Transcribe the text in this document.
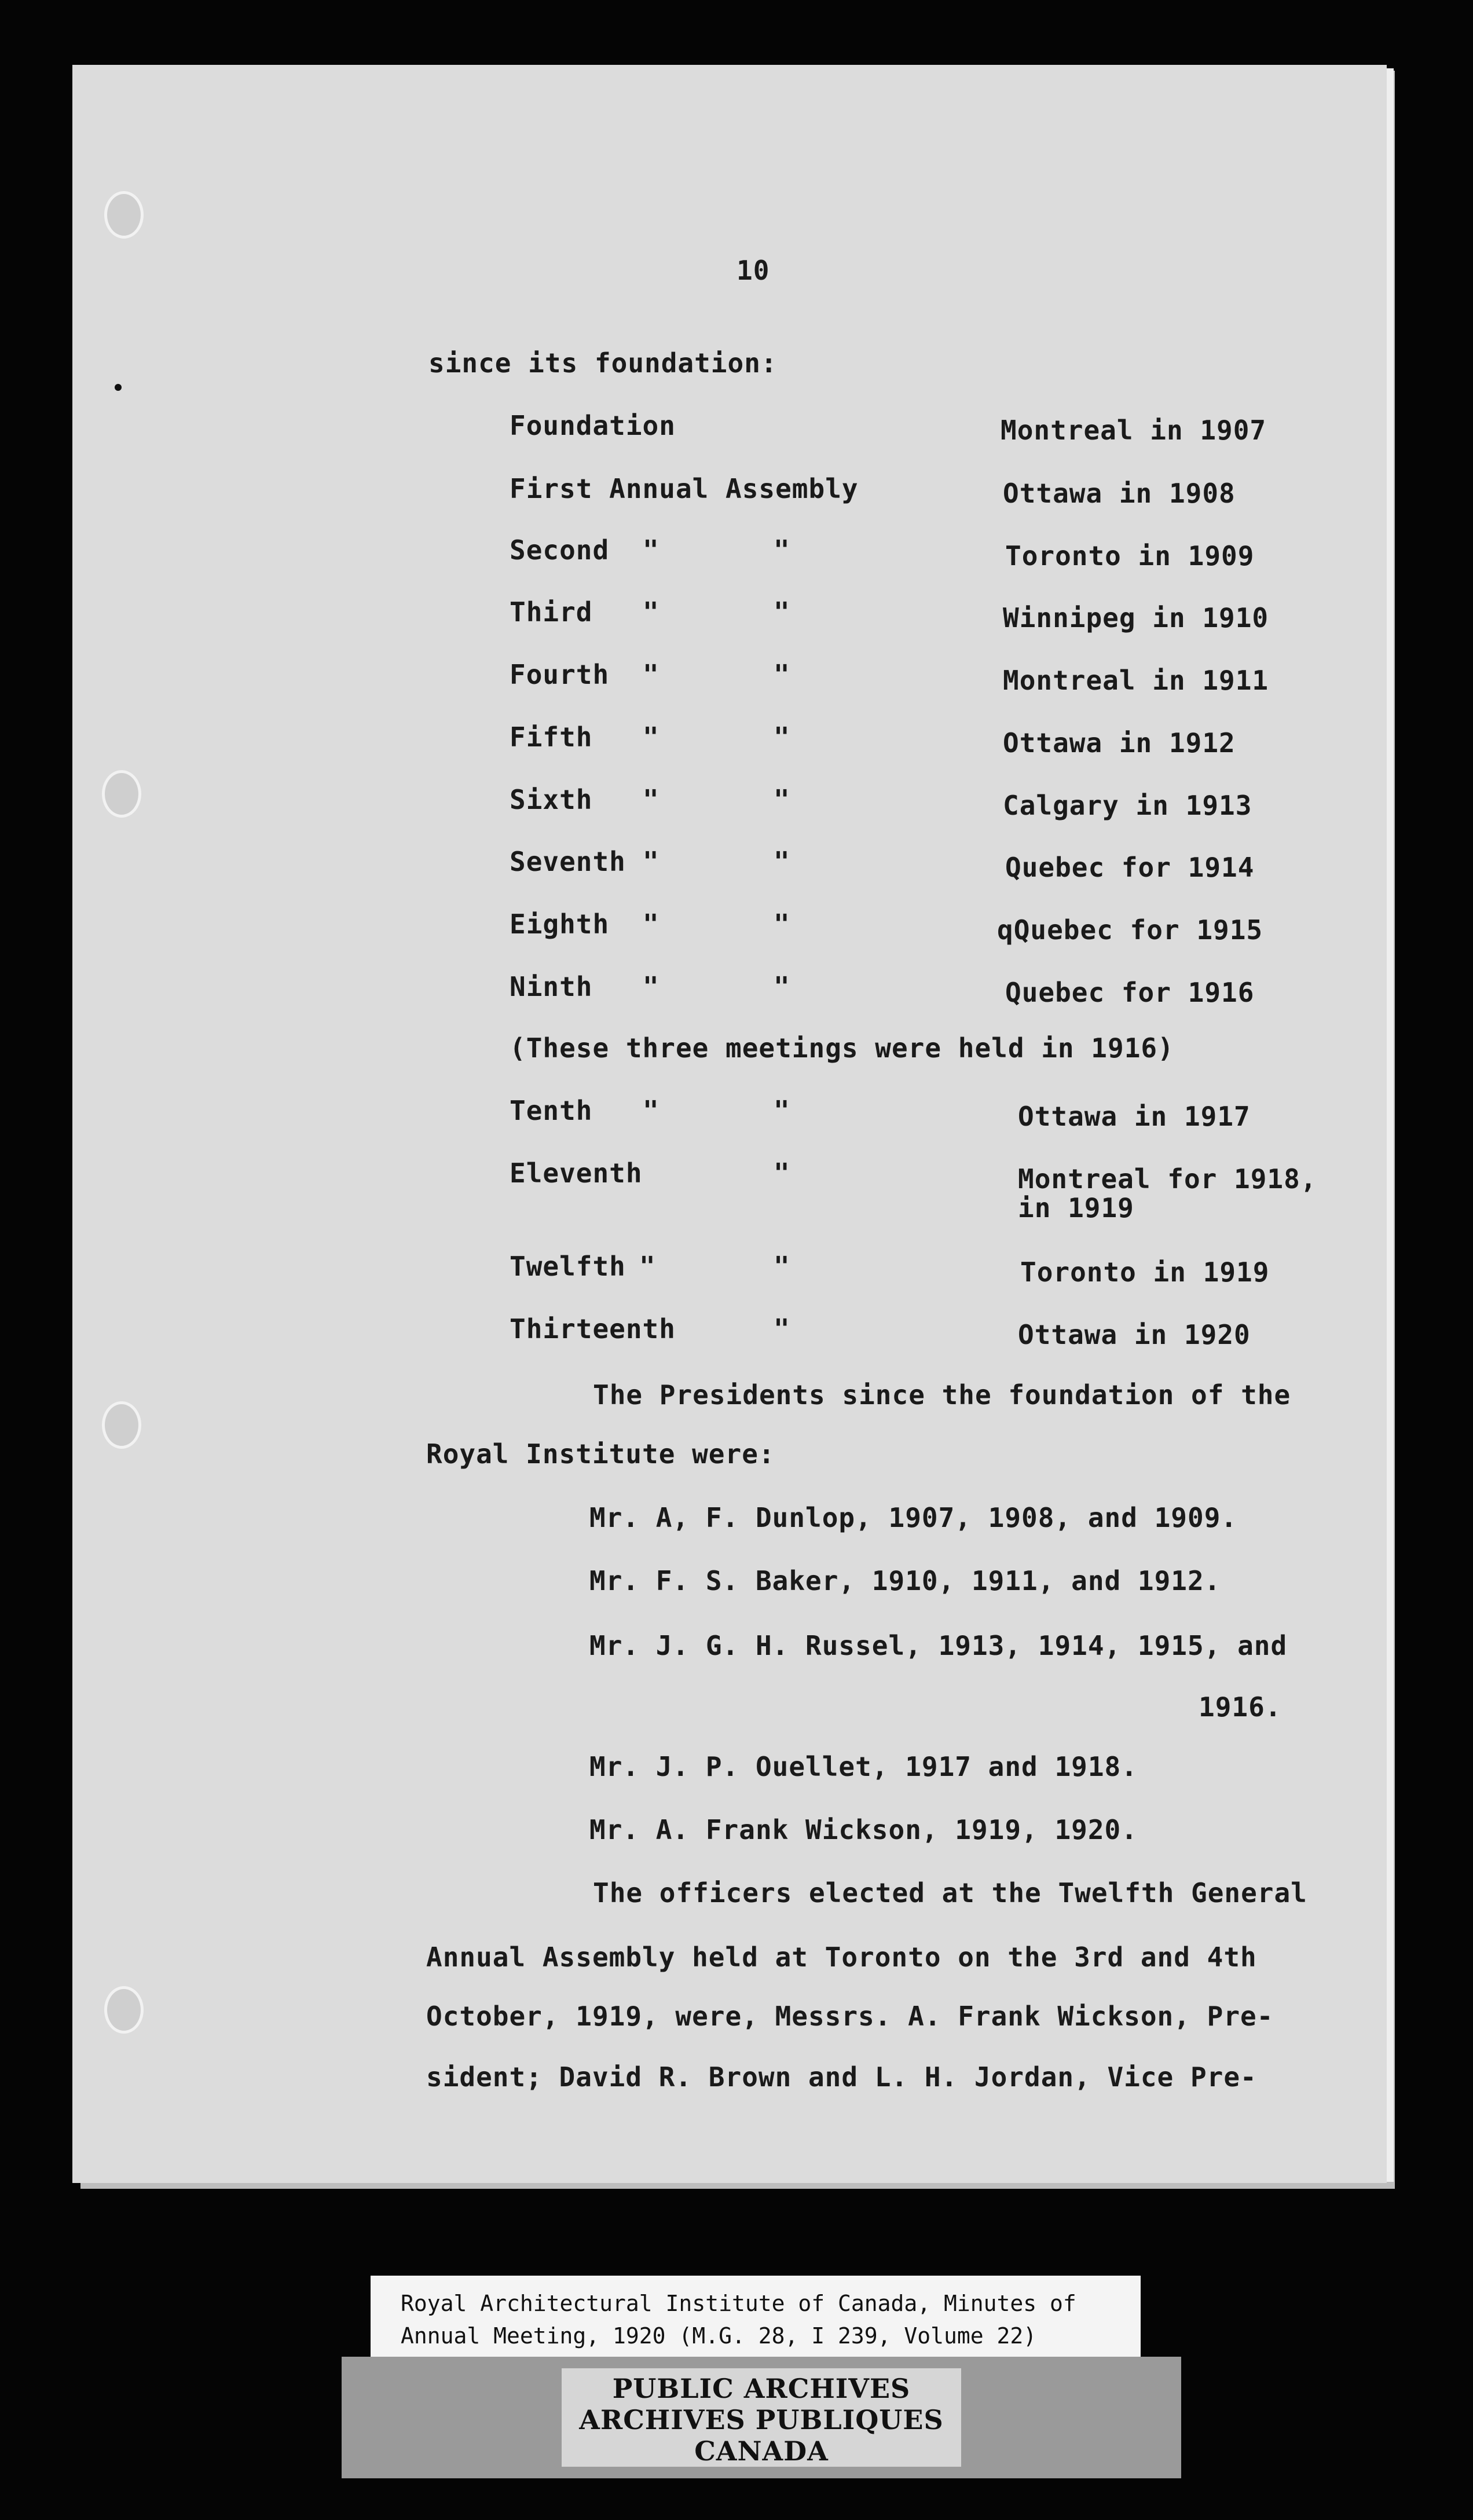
10
since its foundation:
Foundation	Montreal in 1907
First Annual Assembly	Ottawa in 1908
Second "	"	Toronto in 1909
Third "	"	Winnipeg in 1910
Fourth "	"	Montreal in 1911
Fifth "	"	Ottawa in 1912
Sixth "	"	Calgary in 1913
Seventh "	"	Quebec for 1914
Eighth "	"	qQuebec for 1915
Ninth "	"	Quebec for 1916
(These three meetings were held in 1916)
Tenth "	"	Ottawa in 1917
Eleventh	"	Montreal for 1918,
in 1919
Twelfth "	"	Toronto in 1919
Thirteenth	"	Ottawa in 1920
The Presidents since the foundation of the
Royal Institute were:
Mr. A, F. Dunlop, 1907, 1908, and 1909.
Mr. F. S. Baker, 1910, 1911, and 1912.
Mr. J. G. H. Russel, 1913, 1914, 1915, and
1916.
Mr. J. P. Ouellet, 1917 and 1918.
Mr. A. Frank Wickson, 1919, 1920.
The officers elected at the Twelfth General
Annual Assembly held at Toronto on the 3rd and 4th
October, 1919, were, Messrs. A. Frank Wickson, Pre-
sident; David R. Brown and L. H. Jordan, Vice Pre-
Royal Architectural Institute of Canada, Minutes of
Annual Meeting, 1920 (M.G. 28, I 239, Volume 22)
PUBLIC ARCHIVES
ARCHIVES PUBLIQUES
CANADA
